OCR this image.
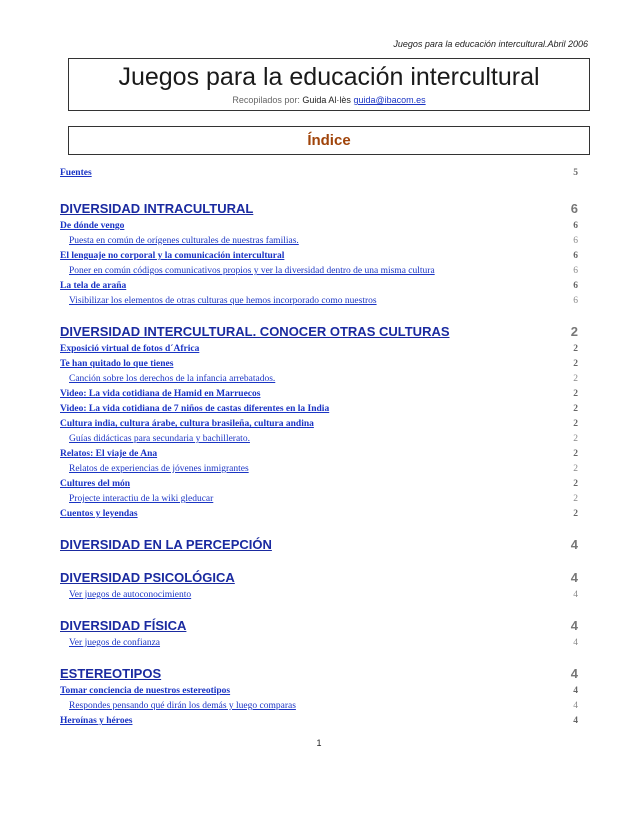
Juegos para la educación intercultural.Abril 2006
Juegos para la educación intercultural
Recopilados por: Guida Al·lès guida@ibacom.es
Índice
Fuentes	5
DIVERSIDAD INTRACULTURAL	6
De dónde vengo	6
Puesta en común de orígenes culturales de nuestras familias.	6
El lenguaje no corporal y la comunicación intercultural	6
Poner en común códigos comunicativos propios y ver la diversidad dentro de una misma cultura	6
La tela de araña	6
Visibilizar los elementos de otras culturas que hemos incorporado como nuestros	6
DIVERSIDAD INTERCULTURAL. CONOCER OTRAS CULTURAS	2
Exposició virtual de fotos d´Africa	2
Te han quitado lo que tienes	2
Canción sobre los derechos de la infancia arrebatados.	2
Video: La vida cotidiana de Hamid en Marruecos	2
Video: La vida cotidiana de 7 niños de castas diferentes en la India	2
Cultura india, cultura árabe, cultura brasileña, cultura andina	2
Guías didácticas para secundaria y bachillerato.	2
Relatos: El viaje de Ana	2
Relatos de experiencias de jóvenes inmigrantes	2
Cultures del món	2
Projecte interactiu de la wiki gleducar	2
Cuentos y leyendas	2
DIVERSIDAD EN LA PERCEPCIÓN	4
DIVERSIDAD PSICOLÓGICA	4
Ver juegos de autoconocimiento	4
DIVERSIDAD FÍSICA	4
Ver juegos de confianza	4
ESTEREOTIPOS	4
Tomar conciencia de nuestros estereotipos	4
Respondes pensando qué dirán los demás y luego comparas	4
Heroínas y héroes	4
1
